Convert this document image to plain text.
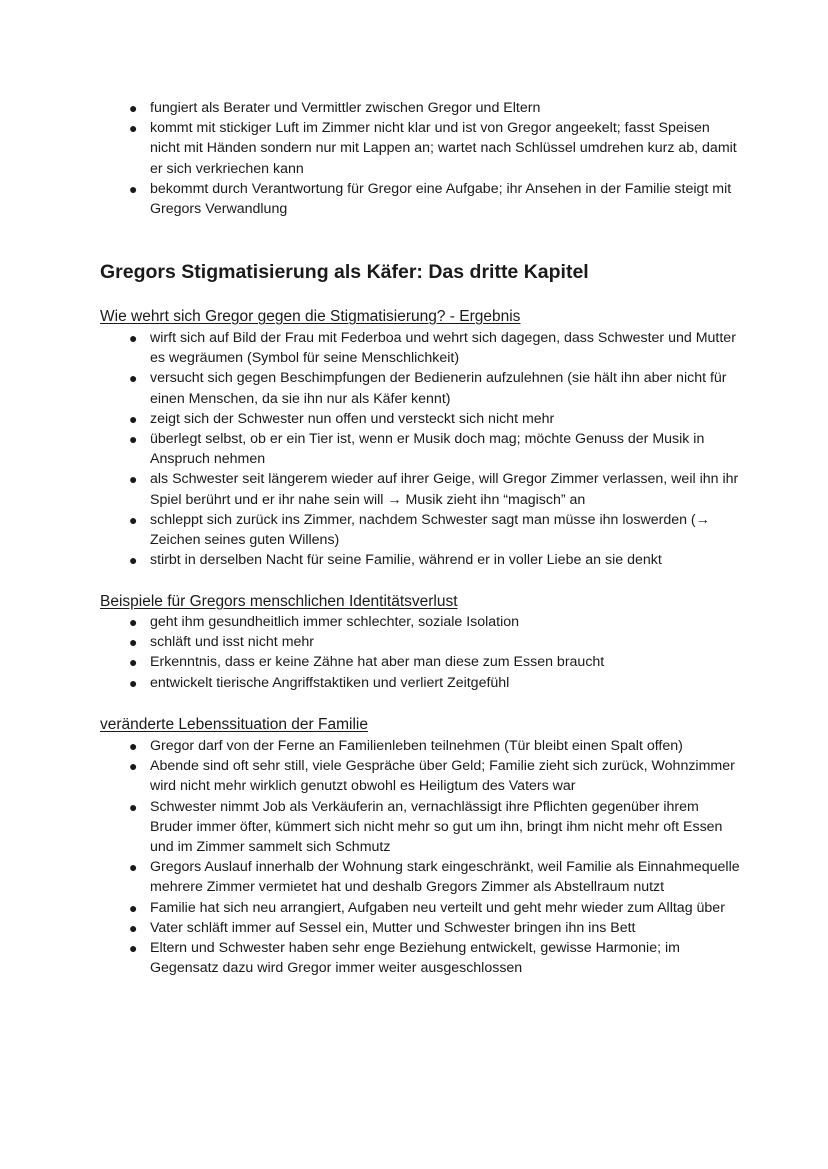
● fungiert als Berater und Vermittler zwischen Gregor und Eltern
● kommt mit stickiger Luft im Zimmer nicht klar und ist von Gregor angeekelt; fasst Speisen nicht mit Händen sondern nur mit Lappen an; wartet nach Schlüssel umdrehen kurz ab, damit er sich verkriechen kann
● bekommt durch Verantwortung für Gregor eine Aufgabe; ihr Ansehen in der Familie steigt mit Gregors Verwandlung
Gregors Stigmatisierung als Käfer: Das dritte Kapitel
Wie wehrt sich Gregor gegen die Stigmatisierung? - Ergebnis
● wirft sich auf Bild der Frau mit Federboa und wehrt sich dagegen, dass Schwester und Mutter es wegräumen (Symbol für seine Menschlichkeit)
● versucht sich gegen Beschimpfungen der Bedienerin aufzulehnen (sie hält ihn aber nicht für einen Menschen, da sie ihn nur als Käfer kennt)
● zeigt sich der Schwester nun offen und versteckt sich nicht mehr
● überlegt selbst, ob er ein Tier ist, wenn er Musik doch mag; möchte Genuss der Musik in Anspruch nehmen
● als Schwester seit längerem wieder auf ihrer Geige, will Gregor Zimmer verlassen, weil ihn ihr Spiel berührt und er ihr nahe sein will → Musik zieht ihn “magisch” an
● schleppt sich zurück ins Zimmer, nachdem Schwester sagt man müsse ihn loswerden (→ Zeichen seines guten Willens)
● stirbt in derselben Nacht für seine Familie, während er in voller Liebe an sie denkt
Beispiele für Gregors menschlichen Identitätsverlust
● geht ihm gesundheitlich immer schlechter, soziale Isolation
● schläft und isst nicht mehr
● Erkenntnis, dass er keine Zähne hat aber man diese zum Essen braucht
● entwickelt tierische Angriffstaktiken und verliert Zeitgefühl
veränderte Lebenssituation der Familie
● Gregor darf von der Ferne an Familienleben teilnehmen (Tür bleibt einen Spalt offen)
● Abende sind oft sehr still, viele Gespräche über Geld; Familie zieht sich zurück, Wohnzimmer wird nicht mehr wirklich genutzt obwohl es Heiligtum des Vaters war
● Schwester nimmt Job als Verkäuferin an, vernachlässigt ihre Pflichten gegenüber ihrem Bruder immer öfter, kümmert sich nicht mehr so gut um ihn, bringt ihm nicht mehr oft Essen und im Zimmer sammelt sich Schmutz
● Gregors Auslauf innerhalb der Wohnung stark eingeschränkt, weil Familie als Einnahmequelle mehrere Zimmer vermietet hat und deshalb Gregors Zimmer als Abstellraum nutzt
● Familie hat sich neu arrangiert, Aufgaben neu verteilt und geht mehr wieder zum Alltag über
● Vater schläft immer auf Sessel ein, Mutter und Schwester bringen ihn ins Bett
● Eltern und Schwester haben sehr enge Beziehung entwickelt, gewisse Harmonie; im Gegensatz dazu wird Gregor immer weiter ausgeschlossen
